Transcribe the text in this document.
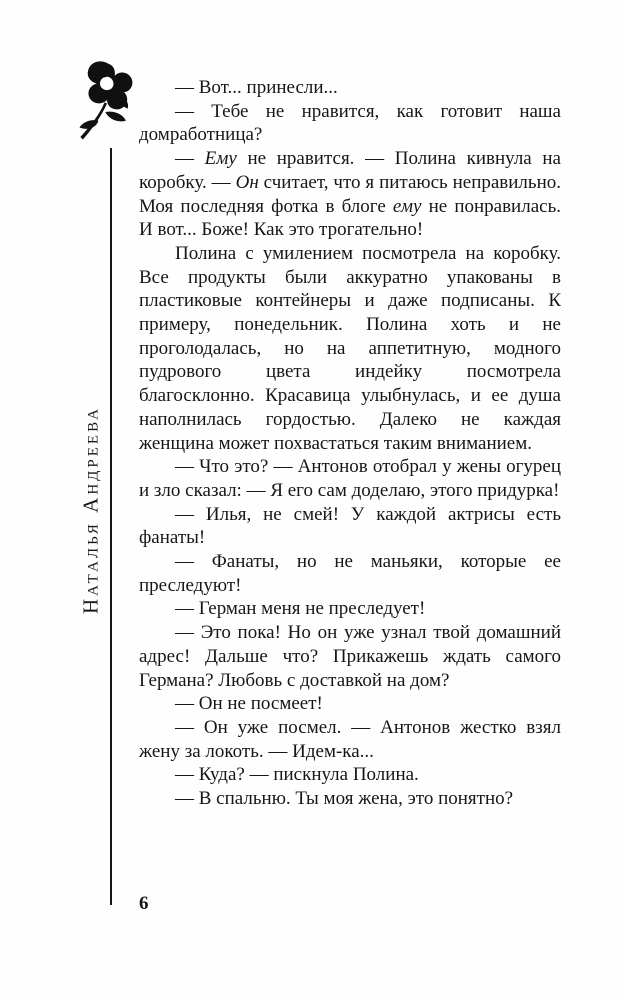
Наталья Андреева

— Вот... принесли...

— Тебе не нравится, как готовит наша домработница?

— Ему не нравится. — Полина кивнула на коробку. — Он считает, что я питаюсь неправильно. Моя последняя фотка в блоге ему не понравилась. И вот... Боже! Как это трогательно!

Полина с умилением посмотрела на коробку. Все продукты были аккуратно упакованы в пластиковые контейнеры и даже подписаны. К примеру, понедельник. Полина хоть и не проголодалась, но на аппетитную, модного пудрового цвета индейку посмотрела благосклонно. Красавица улыбнулась, и ее душа наполнилась гордостью. Далеко не каждая женщина может похвастаться таким вниманием.

— Что это? — Антонов отобрал у жены огурец и зло сказал: — Я его сам доделаю, этого придурка!

— Илья, не смей! У каждой актрисы есть фанаты!

— Фанаты, но не маньяки, которые ее преследуют!

— Герман меня не преследует!

— Это пока! Но он уже узнал твой домашний адрес! Дальше что? Прикажешь ждать самого Германа? Любовь с доставкой на дом?

— Он не посмеет!

— Он уже посмел. — Антонов жестко взял жену за локоть. — Идем-ка...

— Куда? — пискнула Полина.

— В спальню. Ты моя жена, это понятно?

6
